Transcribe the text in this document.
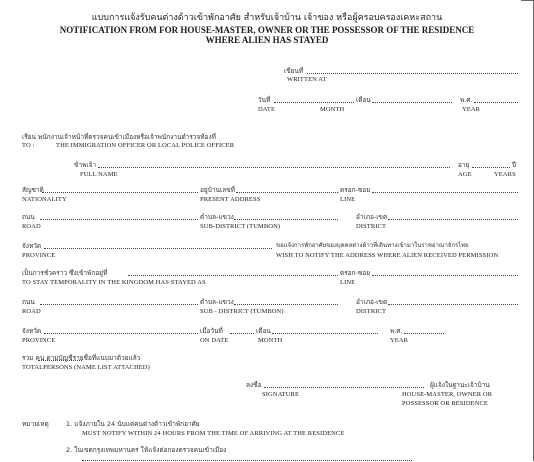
แบบการแจ้งรับคนต่างด้าวเข้าพักอาศัย สำหรับเจ้าบ้าน เจ้าของ หรือผู้ครอบครองเคหะสถาน
NOTIFICATION FROM FOR HOUSE-MASTER, OWNER OR THE POSSESSOR OF THE RESIDENCE
WHERE ALIEN HAS STAYED
เขียนที่
WRITTEN AT
วันที่	เดือน	พ.ศ.
DATE	MONTH	YEAR
เรียน พนักงานเจ้าหน้าที่ตรวจคนเข้าเมืองหรือเจ้าพนักงานตำรวจท้องที่
TO :	THE IMMIGRATION OFFICER OR LOCAL POLICE OFFICER
ข้าพเจ้า	อายุ	ปี
FULL NAME	AGE	YEARS
สัญชาติ	อยู่บ้านเลขที่	ตรอก-ซอย
NATIONALITY	PRESENT ADDRESS	LINE
ถนน	ตำบล-แขวง	อำเภอ-เขต
ROAD	SUB-DISTRICT (TUMBON)	DISTRICT
จังหวัด	ขอแจ้งการพักอาศัยของบุคคลต่างด้าวที่เดินทางเข้ามาในราชอาณาจักรไทย
PROVINCE	WISH TO NOTIFY THE ADDRESS WHERE ALIEN RECEIVED PERMISSION
เป็นการชั่วคราว ซึ่งเข้าพักอยู่ที่	ตรอก-ซอย
TO STAY TEMPORALITY IN THE KINGDOM HAS STAYED AS	LINE
ถนน	ตำบล-แขวง	อำเภอ-เขต
ROAD	SUB - DISTRICT (TUMBON)	DISTRICT
จังหวัด	เมื่อวันที่	เดือน	พ.ศ.
PROVINCE	ON DATE	MONTH	YEAR
รวม คน ตามบัญชีรายชื่อที่แนบมาด้วยแล้ว
TOTALPERSONS (NAME LIST ATTACHED)
ลงชื่อ	ผู้แจ้งในฐานะเจ้าบ้าน
SIGNATURE	HOUSE-MASTER, OWNER OR
POSSESSOR OR RESIDENCE
หมายเหตุ	1. แจ้งภายใน 24 นับแต่คนต่างด้าวเข้าพักอาศัย
MUST NOTIFY WITHIN 24 HOURS FROM THE TIME OF ARRIVING AT THE RESIDENCE
2. ในเขตกรุงเทพมหานคร ให้แจ้งต่อกองตรวจคนเข้าเมือง
